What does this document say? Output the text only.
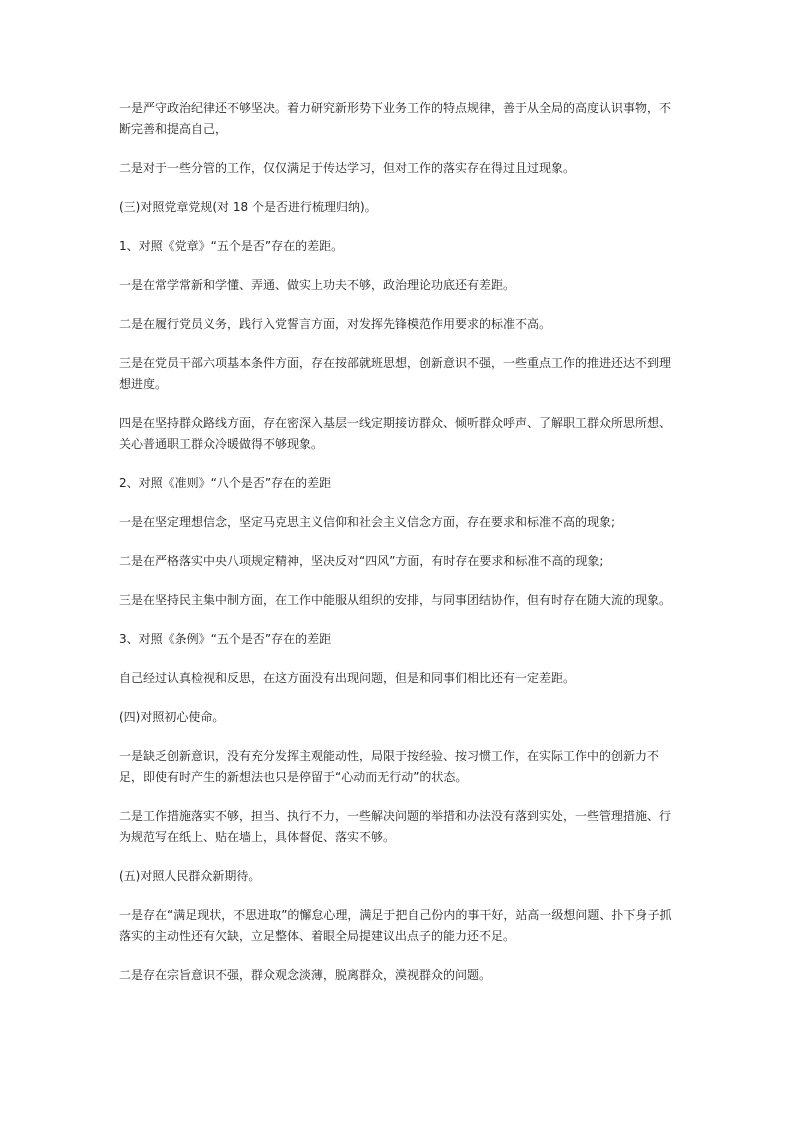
一是严守政治纪律还不够坚决。着力研究新形势下业务工作的特点规律，善于从全局的高度认识事物，不断完善和提高自己，

二是对于一些分管的工作，仅仅满足于传达学习，但对工作的落实存在得过且过现象。

(三)对照党章党规(对 18 个是否进行梳理归纳)。

1、对照《党章》“五个是否”存在的差距。

一是在常学常新和学懂、弄通、做实上功夫不够，政治理论功底还有差距。

二是在履行党员义务，践行入党誓言方面，对发挥先锋模范作用要求的标准不高。

三是在党员干部六项基本条件方面，存在按部就班思想，创新意识不强，一些重点工作的推进还达不到理想进度。

四是在坚持群众路线方面，存在密深入基层一线定期接访群众、倾听群众呼声、了解职工群众所思所想、关心普通职工群众冷暖做得不够现象。

2、对照《准则》“八个是否”存在的差距

一是在坚定理想信念，坚定马克思主义信仰和社会主义信念方面，存在要求和标准不高的现象;

二是在严格落实中央八项规定精神，坚决反对“四风”方面，有时存在要求和标准不高的现象;

三是在坚持民主集中制方面，在工作中能服从组织的安排，与同事团结协作，但有时存在随大流的现象。

3、对照《条例》“五个是否”存在的差距

自己经过认真检视和反思，在这方面没有出现问题，但是和同事们相比还有一定差距。

(四)对照初心使命。

一是缺乏创新意识，没有充分发挥主观能动性，局限于按经验、按习惯工作，在实际工作中的创新力不足，即使有时产生的新想法也只是停留于“心动而无行动”的状态。

二是工作措施落实不够，担当、执行不力，一些解决问题的举措和办法没有落到实处，一些管理措施、行为规范写在纸上、贴在墙上，具体督促、落实不够。

(五)对照人民群众新期待。

一是存在“满足现状，不思进取”的懈怠心理，满足于把自己份内的事干好，站高一级想问题、扑下身子抓落实的主动性还有欠缺，立足整体、着眼全局提建议出点子的能力还不足。

二是存在宗旨意识不强，群众观念淡薄，脱离群众，漠视群众的问题。
